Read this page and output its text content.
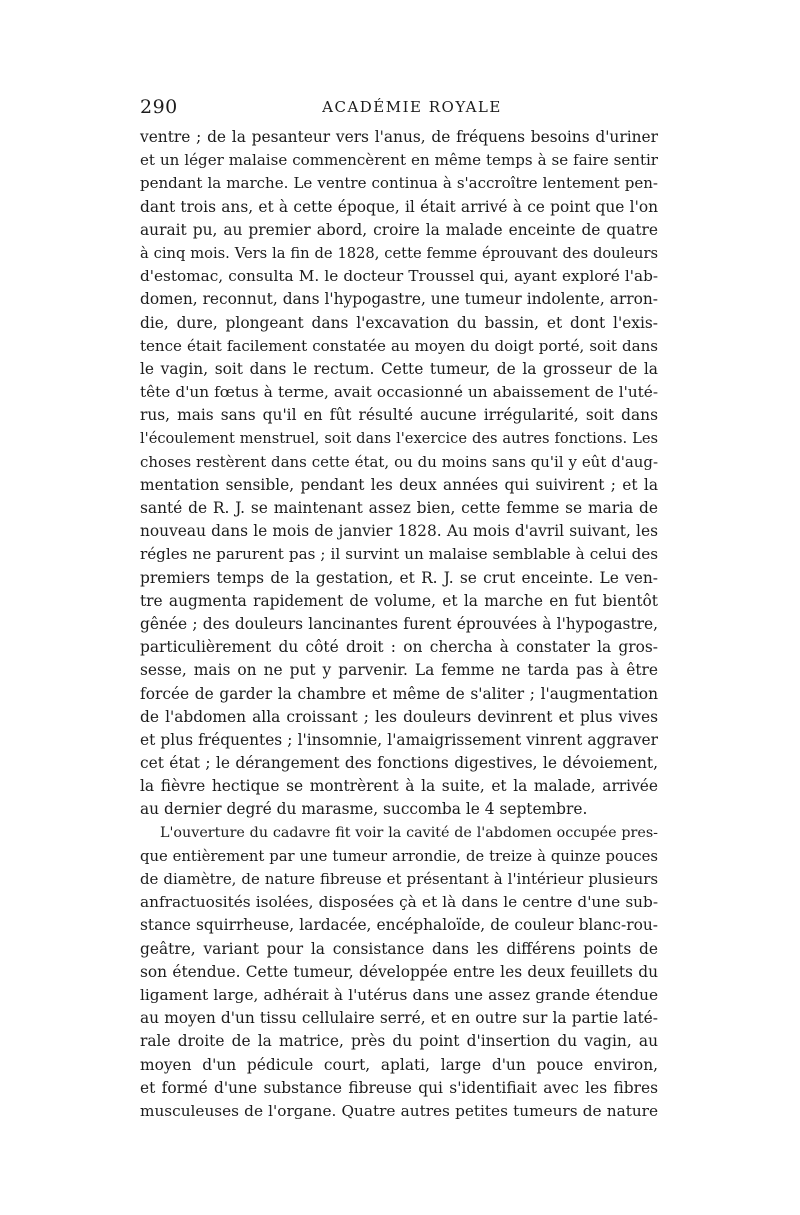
290	ACADÉMIE ROYALE
ventre ; de la pesanteur vers l'anus, de fréquens besoins d'uriner
et un léger malaise commencèrent en même temps à se faire sentir
pendant la marche. Le ventre continua à s'accroître lentement pen-
dant trois ans, et à cette époque, il était arrivé à ce point que l'on
aurait pu, au premier abord, croire la malade enceinte de quatre
à cinq mois. Vers la fin de 1828, cette femme éprouvant des douleurs
d'estomac, consulta M. le docteur Troussel qui, ayant exploré l'ab-
domen, reconnut, dans l'hypogastre, une tumeur indolente, arron-
die, dure, plongeant dans l'excavation du bassin, et dont l'exis-
tence était facilement constatée au moyen du doigt porté, soit dans
le vagin, soit dans le rectum. Cette tumeur, de la grosseur de la
tête d'un fœtus à terme, avait occasionné un abaissement de l'uté-
rus, mais sans qu'il en fût résulté aucune irrégularité, soit dans
l'écoulement menstruel, soit dans l'exercice des autres fonctions. Les
choses restèrent dans cette état, ou du moins sans qu'il y eût d'aug-
mentation sensible, pendant les deux années qui suivirent ; et la
santé de R. J. se maintenant assez bien, cette femme se maria de
nouveau dans le mois de janvier 1828. Au mois d'avril suivant, les
régles ne parurent pas ; il survint un malaise semblable à celui des
premiers temps de la gestation, et R. J. se crut enceinte. Le ven-
tre augmenta rapidement de volume, et la marche en fut bientôt
gênée ; des douleurs lancinantes furent éprouvées à l'hypogastre,
particulièrement du côté droit : on chercha à constater la gros-
sesse, mais on ne put y parvenir. La femme ne tarda pas à être
forcée de garder la chambre et même de s'aliter ; l'augmentation
de l'abdomen alla croissant ; les douleurs devinrent et plus vives
et plus fréquentes ; l'insomnie, l'amaigrissement vinrent aggraver
cet état ; le dérangement des fonctions digestives, le dévoiement,
la fièvre hectique se montrèrent à la suite, et la malade, arrivée
au dernier degré du marasme, succomba le 4 septembre.
L'ouverture du cadavre fit voir la cavité de l'abdomen occupée pres-
que entièrement par une tumeur arrondie, de treize à quinze pouces
de diamètre, de nature fibreuse et présentant à l'intérieur plusieurs
anfractuosités isolées, disposées çà et là dans le centre d'une sub-
stance squirrheuse, lardacée, encéphaloïde, de couleur blanc-rou-
geâtre, variant pour la consistance dans les différens points de
son étendue. Cette tumeur, développée entre les deux feuillets du
ligament large, adhérait à l'utérus dans une assez grande étendue
au moyen d'un tissu cellulaire serré, et en outre sur la partie laté-
rale droite de la matrice, près du point d'insertion du vagin, au
moyen d'un pédicule court, aplati, large d'un pouce environ,
et formé d'une substance fibreuse qui s'identifiait avec les fibres
musculeuses de l'organe. Quatre autres petites tumeurs de nature
